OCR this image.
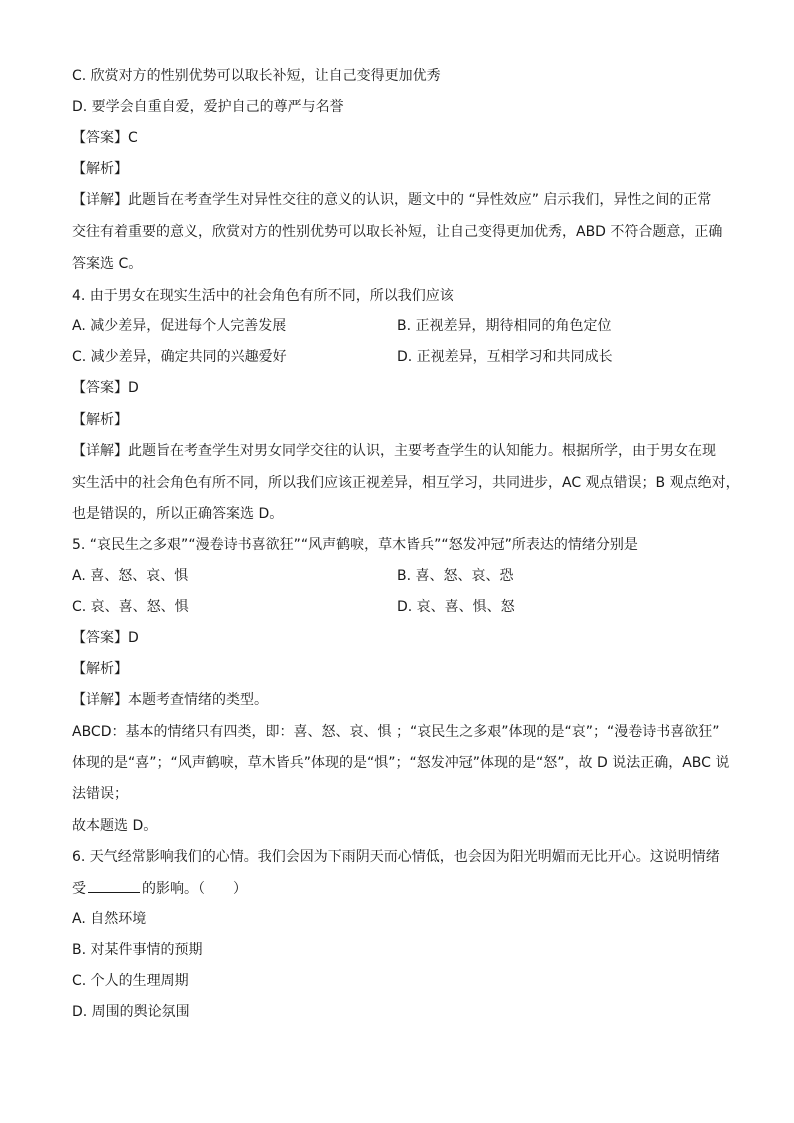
C. 欣赏对方的性别优势可以取长补短，让自己变得更加优秀
D. 要学会自重自爱，爱护自己的尊严与名誉
【答案】C
【解析】
【详解】此题旨在考查学生对异性交往的意义的认识，题文中的 “异性效应” 启示我们，异性之间的正常
交往有着重要的意义，欣赏对方的性别优势可以取长补短，让自己变得更加优秀，ABD 不符合题意，正确
答案选 C。
4. 由于男女在现实生活中的社会角色有所不同，所以我们应该
A. 减少差异，促进每个人完善发展	B. 正视差异，期待相同的角色定位
C. 减少差异，确定共同的兴趣爱好	D. 正视差异，互相学习和共同成长
【答案】D
【解析】
【详解】此题旨在考查学生对男女同学交往的认识，主要考查学生的认知能力。根据所学，由于男女在现
实生活中的社会角色有所不同，所以我们应该正视差异，相互学习，共同进步，AC 观点错误；B 观点绝对，
也是错误的，所以正确答案选 D。
5. “哀民生之多艰”“漫卷诗书喜欲狂”“风声鹤唳，草木皆兵”“怒发冲冠”所表达的情绪分别是
A. 喜、怒、哀、惧	B. 喜、怒、哀、恐
C. 哀、喜、怒、惧	D. 哀、喜、惧、怒
【答案】D
【解析】
【详解】本题考查情绪的类型。
ABCD：基本的情绪只有四类，即：喜、怒、哀、惧 ；“哀民生之多艰”体现的是“哀”；“漫卷诗书喜欲狂”
体现的是“喜”；“风声鹤唳，草木皆兵”体现的是“惧”；“怒发冲冠”体现的是“怒”，故 D 说法正确，ABC 说
法错误；
故本题选 D。
6. 天气经常影响我们的心情。我们会因为下雨阴天而心情低，也会因为阳光明媚而无比开心。这说明情绪
受	的影响。（　　）
A. 自然环境
B. 对某件事情的预期
C. 个人的生理周期
D. 周围的舆论氛围
